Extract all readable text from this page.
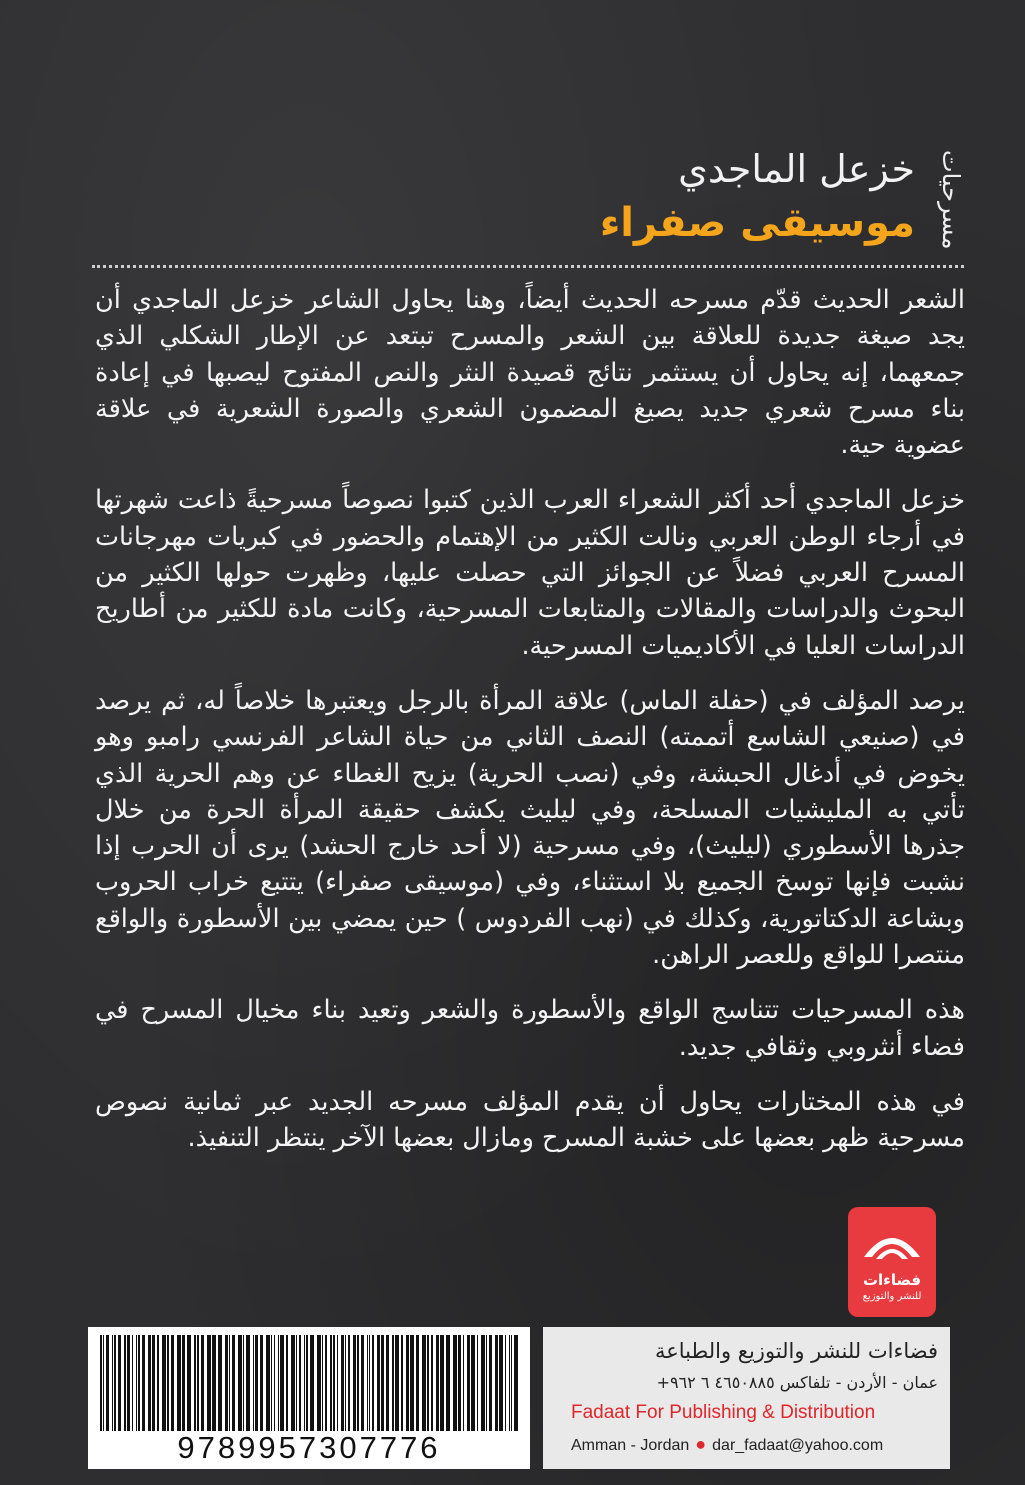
مسرحيات
خزعل الماجدي
موسيقى صفراء

الشعر الحديث قدّم مسرحه الحديث أيضاً، وهنا يحاول الشاعر خزعل الماجدي أن يجد صيغة جديدة للعلاقة بين الشعر والمسرح تبتعد عن الإطار الشكلي الذي جمعهما، إنه يحاول أن يستثمر نتائج قصيدة النثر والنص المفتوح ليصبها في إعادة بناء مسرح شعري جديد يصيغ المضمون الشعري والصورة الشعرية في علاقة عضوية حية.

خزعل الماجدي أحد أكثر الشعراء العرب الذين كتبوا نصوصاً مسرحيةً ذاعت شهرتها في أرجاء الوطن العربي ونالت الكثير من الإهتمام والحضور في كبريات مهرجانات المسرح العربي فضلاً عن الجوائز التي حصلت عليها، وظهرت حولها الكثير من البحوث والدراسات والمقالات والمتابعات المسرحية، وكانت مادة للكثير من أطاريح الدراسات العليا في الأكاديميات المسرحية.

يرصد المؤلف في (حفلة الماس) علاقة المرأة بالرجل ويعتبرها خلاصاً له، ثم يرصد في (صنيعي الشاسع أتممته) النصف الثاني من حياة الشاعر الفرنسي رامبو وهو يخوض في أدغال الحبشة، وفي (نصب الحرية) يزيح الغطاء عن وهم الحرية الذي تأتي به المليشيات المسلحة، وفي ليليث يكشف حقيقة المرأة الحرة من خلال جذرها الأسطوري (ليليث)، وفي مسرحية (لا أحد خارج الحشد) يرى أن الحرب إذا نشبت فإنها توسخ الجميع بلا استثناء، وفي (موسيقى صفراء) يتتبع خراب الحروب وبشاعة الدكتاتورية، وكذلك في (نهب الفردوس ) حين يمضي بين الأسطورة والواقع منتصرا للواقع وللعصر الراهن.

هذه المسرحيات تتناسج الواقع والأسطورة والشعر وتعيد بناء مخيال المسرح في فضاء أنثروبي وثقافي جديد.

في هذه المختارات يحاول أن يقدم المؤلف مسرحه الجديد عبر ثمانية نصوص مسرحية ظهر بعضها على خشبة المسرح ومازال بعضها الآخر ينتظر التنفيذ.

فضاءات
للنشر والتوزيع
9789957307776
فضاءات للنشر والتوزيع والطباعة
عمان - الأردن - تلفاكس ٤٦٥٠٨٨٥ ٦ ٩٦٢+
Fadaat For Publishing & Distribution
Amman - Jordan ● dar_fadaat@yahoo.com
